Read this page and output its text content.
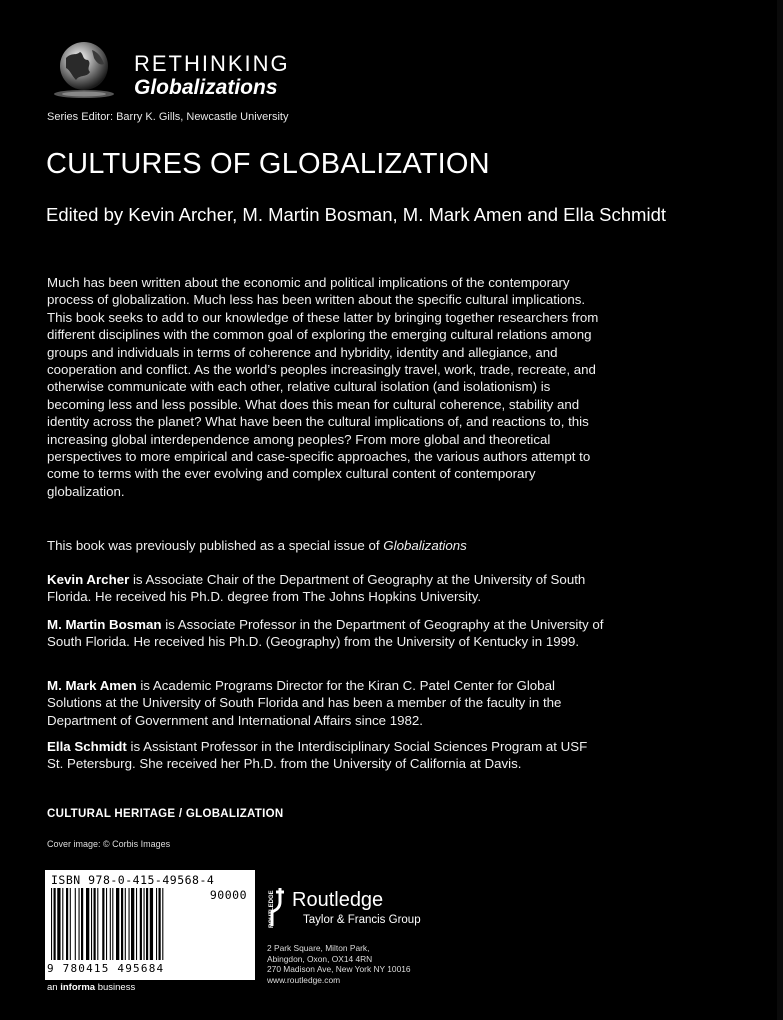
RETHINKING
Globalizations
Series Editor: Barry K. Gills, Newcastle University
CULTURES OF GLOBALIZATION
Edited by Kevin Archer, M. Martin Bosman, M. Mark Amen and Ella Schmidt
Much has been written about the economic and political implications of the contemporary process of globalization. Much less has been written about the specific cultural implications. This book seeks to add to our knowledge of these latter by bringing together researchers from different disciplines with the common goal of exploring the emerging cultural relations among groups and individuals in terms of coherence and hybridity, identity and allegiance, and cooperation and conflict. As the world’s peoples increasingly travel, work, trade, recreate, and otherwise communicate with each other, relative cultural isolation (and isolationism) is becoming less and less possible. What does this mean for cultural coherence, stability and identity across the planet? What have been the cultural implications of, and reactions to, this increasing global interdependence among peoples? From more global and theoretical perspectives to more empirical and case-specific approaches, the various authors attempt to come to terms with the ever evolving and complex cultural content of contemporary globalization.
This book was previously published as a special issue of Globalizations
Kevin Archer is Associate Chair of the Department of Geography at the University of South Florida. He received his Ph.D. degree from The Johns Hopkins University.
M. Martin Bosman is Associate Professor in the Department of Geography at the University of South Florida. He received his Ph.D. (Geography) from the University of Kentucky in 1999.
M. Mark Amen is Academic Programs Director for the Kiran C. Patel Center for Global Solutions at the University of South Florida and has been a member of the faculty in the Department of Government and International Affairs since 1982.
Ella Schmidt is Assistant Professor in the Interdisciplinary Social Sciences Program at USF St. Petersburg. She received her Ph.D. from the University of California at Davis.
CULTURAL HERITAGE / GLOBALIZATION
Cover image: © Corbis Images
ISBN 978-0-415-49568-4
90000
9 780415 495684
an informa business
ROUTLEDGE Routledge
Taylor & Francis Group
2 Park Square, Milton Park,
Abingdon, Oxon, OX14 4RN
270 Madison Ave, New York NY 10016
www.routledge.com
